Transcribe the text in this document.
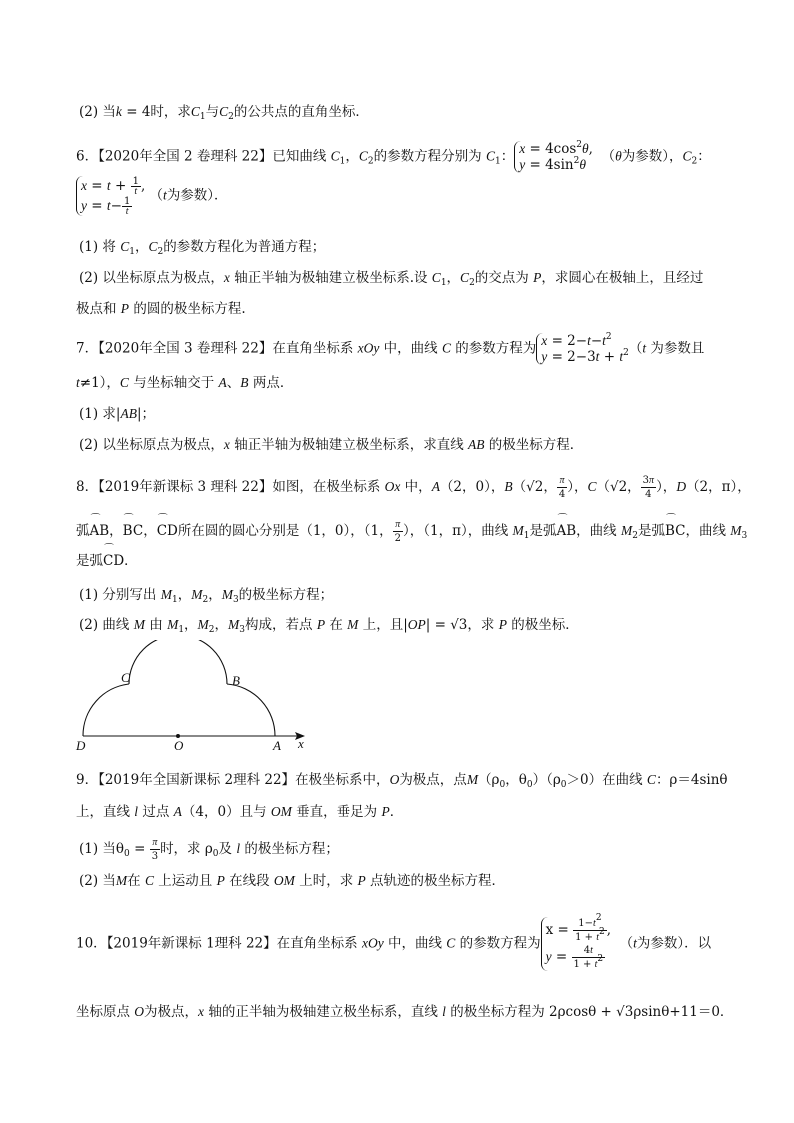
(2) 当k = 4时，求$C_1$与$C_2$的公共点的直角坐标．
6．【2020年全国 2 卷理科 22】已知曲线 $C_1$，$C_2$的参数方程分别为 $C_1$： $x = 4\cos^2\theta$,
$y = 4\sin^2\theta$  （θ为参数），$C_2$：
$x = t + \frac{1}{t}$ ,
$y = t- \frac{1}{t}$
（t为参数）．
(1) 将 $C_1$，$C_2$的参数方程化为普通方程；
(2) 以坐标原点为极点，x 轴正半轴为极轴建立极坐标系.设 $C_1$，$C_2$的交点为 P，求圆心在极轴上，且经过
极点和 P 的圆的极坐标方程.
7．【2020年全国 3 卷理科 22】在直角坐标系 xOy 中，曲线 C 的参数方程为 $x = 2-t-t^2$
$y = 2-3t + t^2(t$ 为参数且
t≠1），C 与坐标轴交于 A、B 两点．
(1) 求|AB|；
(2) 以坐标原点为极点，x 轴正半轴为极轴建立极坐标系，求直线 AB 的极坐标方程．
8．【2019年新课标 3 理科 22】如图，在极坐标系 Ox 中，A（2，0），B（√2， $\frac{\pi}{4}$ ），C（√2， $\frac{3\pi}{4}$ ），D（2，π），
弧⌒ AB，⌒ BC，⌒ CD所在圆的圆心分别是（1，0），（1， $\frac{\pi}{2}$ ），（1，π），曲线 $M_1$是弧⌒ AB，曲线 $M_2$是弧⌒ BC，曲线 $M_3$
是弧⌒ CD．
(1) 分别写出 $M_1$，$M_2$，$M_3$的极坐标方程；
(2) 曲线 M 由 $M_1$，$M_2$，$M_3$构成，若点 P 在 M 上，且|OP| = √3，求 P 的极坐标．
C	B
D	O	A x
9．【2019年全国新课标 2理科 22】在极坐标系中，O为极点，点$M(\rho_0$，$\theta_0)(\rho_0>0)$在曲线 C：ρ＝4sinθ
上，直线 l 过点 A（4，0）且与 OM 垂直，垂足为 P．
(1) 当$\theta_0 = \frac{\pi}{3}$ 时，求 $\rho_0$及 l 的极坐标方程；
(2) 当M在 C 上运动且 P 在线段 OM 上时，求 P 点轨迹的极坐标方程．
10．【2019年新课标 1理科 22】在直角坐标系 xOy 中，曲线 C 的参数方程为$x = \frac{1-t^2}{1 + t^2}$ ,
$y = \frac{4t}{1 + t^2}$
（t为参数）．以
坐标原点 O为极点，x 轴的正半轴为极轴建立极坐标系，直线 l 的极坐标方程为 2ρcosθ + √3ρsinθ+11＝0．
